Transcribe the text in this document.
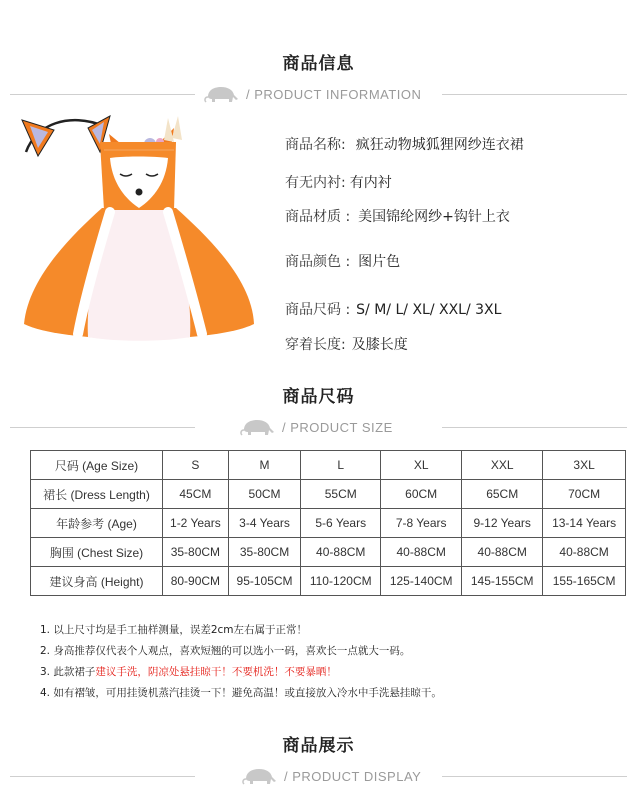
商品信息
/ PRODUCT INFORMATION
商品名称: 疯狂动物城狐狸网纱连衣裙
有无内衬: 有内衬
商品材质 : 美国锦纶网纱+钩针上衣
商品颜色 : 图片色
商品尺码 : S/ M/ L/ XL/ XXL/ 3XL
穿着长度: 及膝长度
商品尺码
/ PRODUCT SIZE
尺码 (Age Size)	S	M	L	XL	XXL	3XL
裙长 (Dress Length)	45CM	50CM	55CM	60CM	65CM	70CM
年龄参考 (Age)	1-2 Years	3-4 Years	5-6 Years	7-8 Years	9-12 Years	13-14 Years
胸围 (Chest Size)	35-80CM	35-80CM	40-88CM	40-88CM	40-88CM	40-88CM
建议身高 (Height)	80-90CM	95-105CM	110-120CM	125-140CM	145-155CM	155-165CM
1. 以上尺寸均是手工抽样测量，误差2cm左右属于正常！
2. 身高推荐仅代表个人观点，喜欢短翘的可以选小一码，喜欢长一点就大一码。
3. 此款裙子建议手洗，阴凉处悬挂晾干！不要机洗！不要暴晒！
4. 如有褶皱，可用挂烫机蒸汽挂烫一下！避免高温！或直接放入冷水中手洗悬挂晾干。
商品展示
/ PRODUCT DISPLAY
